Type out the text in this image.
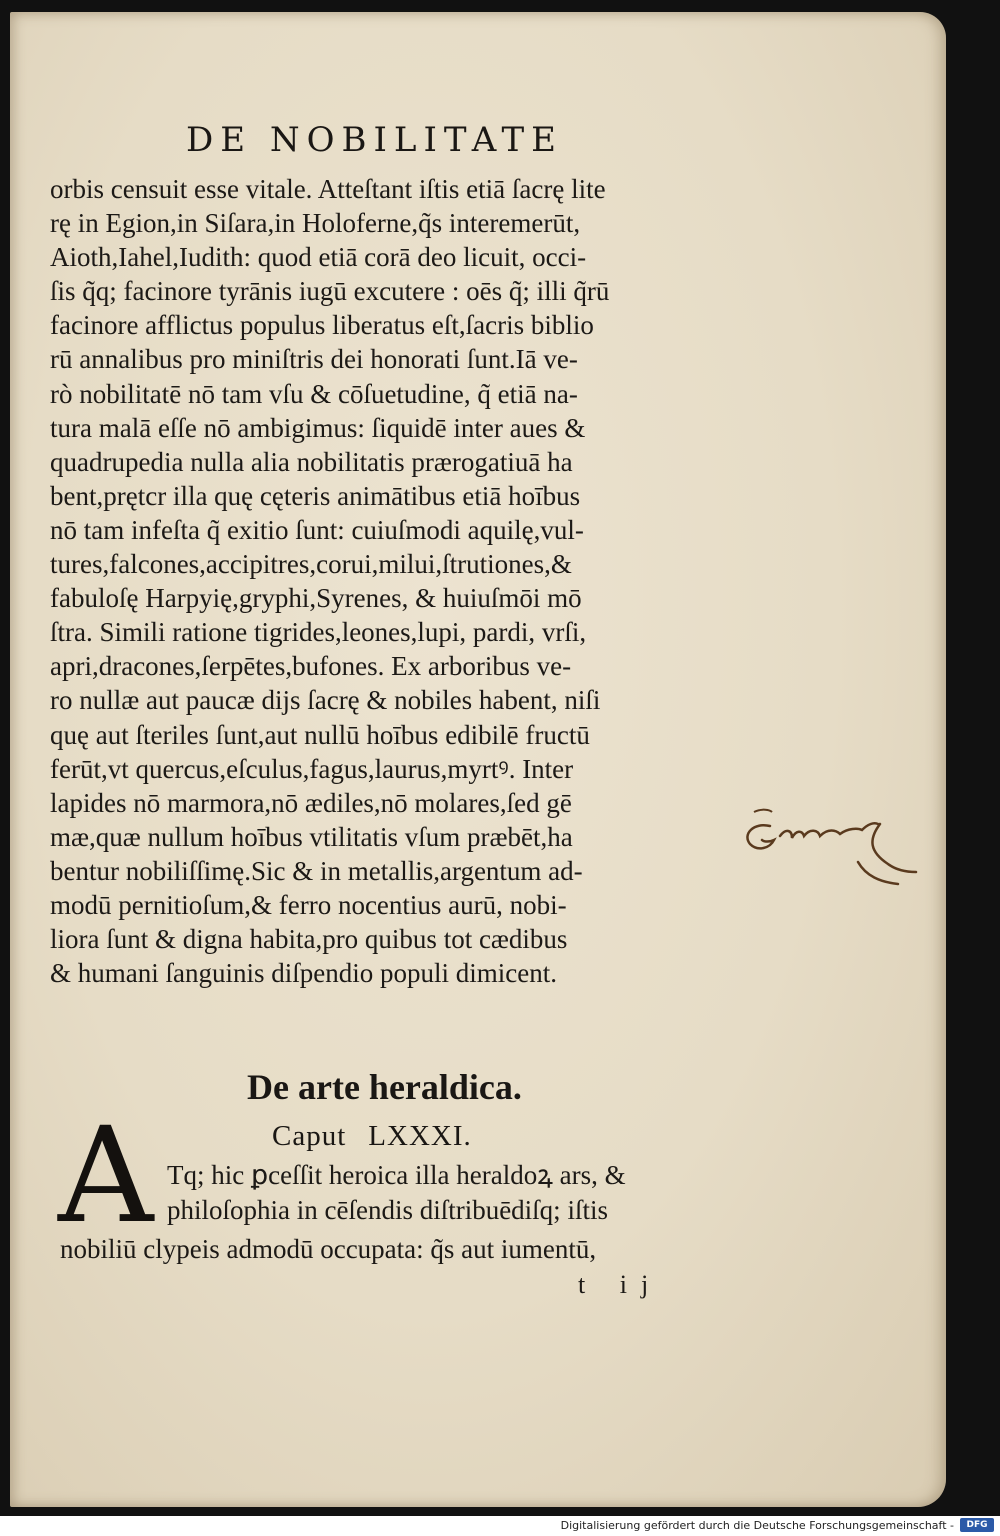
DE NOBILITATE
orbis censuit esse vitale. Atteſtant iſtis etiā ſacrę lite
rę in Egion,in Siſara,in Holoferne,q̃s interemerūt,
Aioth,Iahel,Iudith: quod etiā corā deo licuit, occi-
ſis q̃q; facinore tyrānis iugū excutere : oēs q̃; illi q̃rū
facinore afflictus populus liberatus eſt,ſacris biblio
rū annalibus pro miniſtris dei honorati ſunt.Iā ve-
rò nobilitatē nō tam vſu & cōſuetudine, q̃ etiā na-
tura malā eſſe nō ambigimus: ſiquidē inter aues &
quadrupedia nulla alia nobilitatis prærogatiuā ha
bent,prętcr illa quę cęteris animātibus etiā hoībus
nō tam infeſta q̃ exitio ſunt: cuiuſmodi aquilę,vul-
tures,falcones,accipitres,corui,milui,ſtrutiones,&
fabuloſę Harpyię,gryphi,Syrenes, & huiuſmōi mō
ſtra. Simili ratione tigrides,leones,lupi, pardi, vrſi,
apri,dracones,ſerpētes,bufones. Ex arboribus ve-
ro nullæ aut paucæ dijs ſacrę & nobiles habent, niſi
quę aut ſteriles ſunt,aut nullū hoībus edibilē fructū
ferūt,vt quercus,eſculus,fagus,laurus,myrtꝰ. Inter
lapides nō marmora,nō ædiles,nō molares,ſed gē
mæ,quæ nullum hoībus vtilitatis vſum præbēt,ha
bentur nobiliſſimę.Sic & in metallis,argentum ad-
modū pernitioſum,& ferro nocentius aurū, nobi-
liora ſunt & digna habita,pro quibus tot cædibus
& humani ſanguinis diſpendio populi dimicent.
De arte heraldica.
A	Caput LXXXI.
Tq; hic ꝑceſſit heroica illa heraldoꝝ ars, &
philoſophia in cēſendis diſtribuēdiſq; iſtis
nobiliū clypeis admodū occupata: q̃s aut iumentū,
t ij
Digitalisierung gefördert durch die Deutsche Forschungsgemeinschaft -	DFG
